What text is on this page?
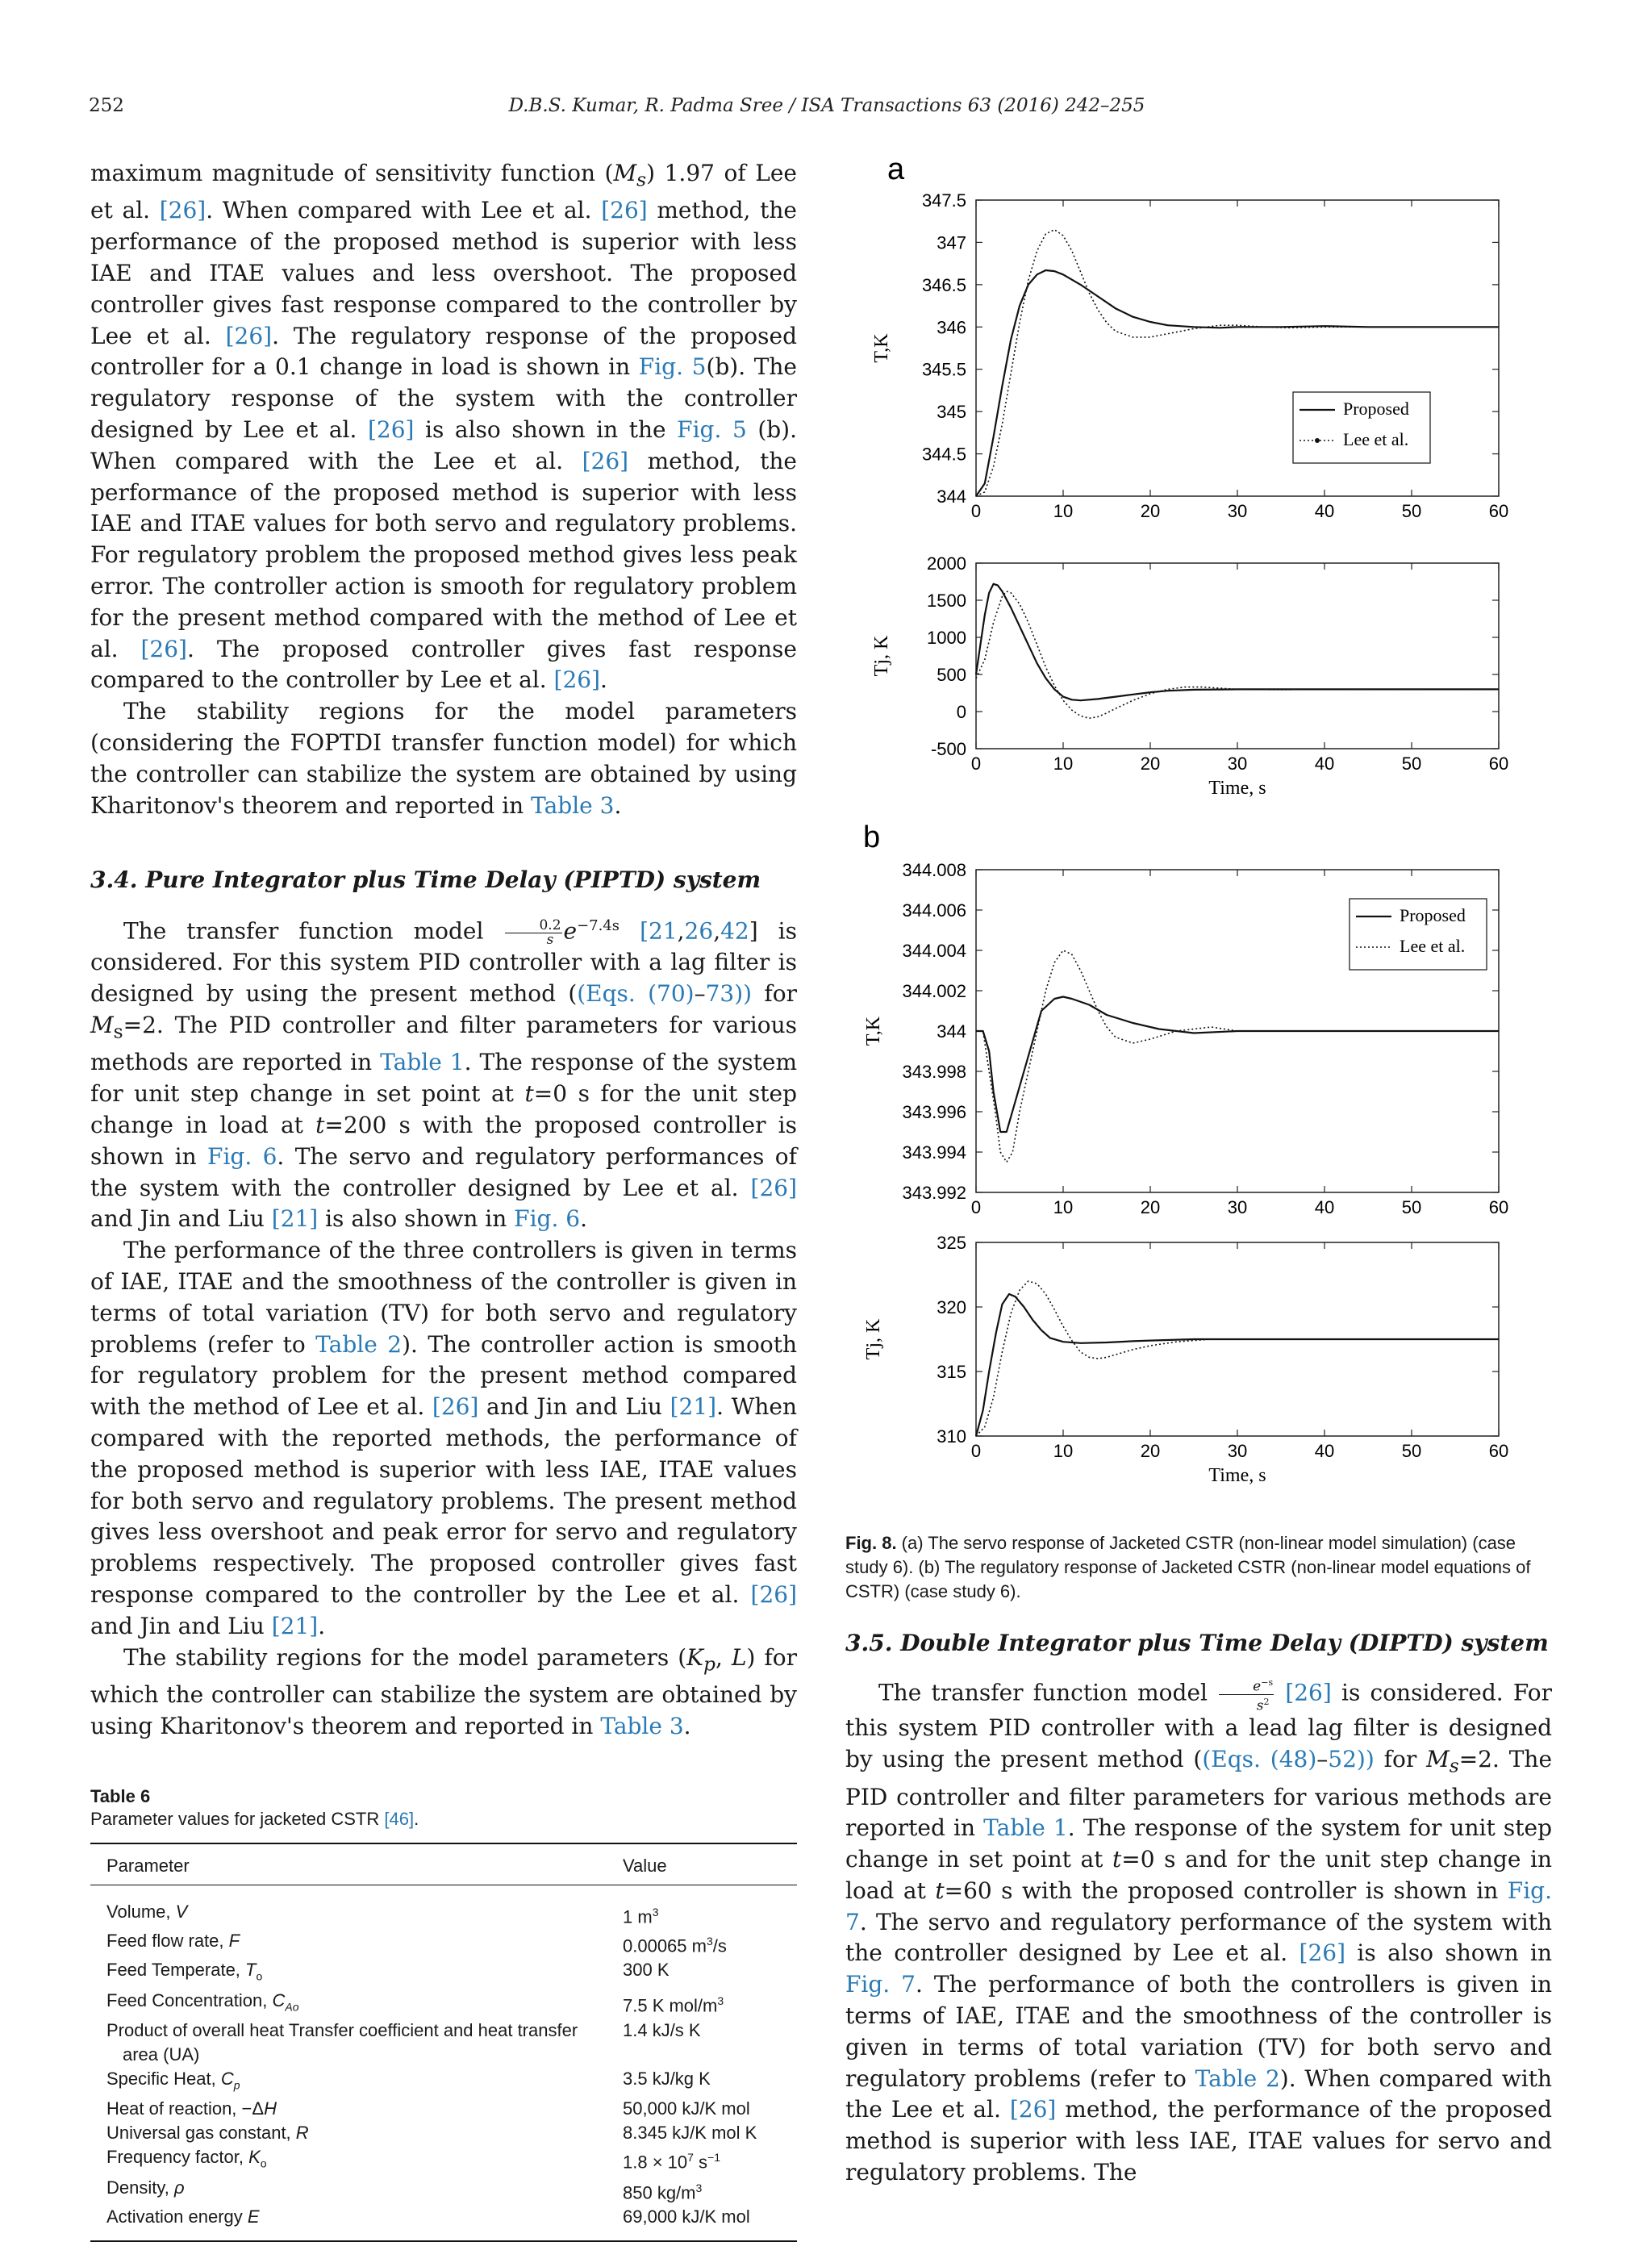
252	D.B.S. Kumar, R. Padma Sree / ISA Transactions 63 (2016) 242–255

maximum magnitude of sensitivity function $(M_s)$ 1.97 of Lee et al. [26]. When compared with Lee et al. [26] method, the performance of the proposed method is superior with less IAE and ITAE values and less overshoot. The proposed controller gives fast response compared to the controller by Lee et al. [26]. The regulatory response of the proposed controller for a 0.1 change in load is shown in Fig. 5(b). The regulatory response of the system with the controller designed by Lee et al. [26] is also shown in the Fig. 5 (b). When compared with the Lee et al. [26] method, the performance of the proposed method is superior with less IAE and ITAE values for both servo and regulatory problems. For regulatory problem the proposed method gives less peak error. The controller action is smooth for regulatory problem for the present method compared with the method of Lee et al. [26]. The proposed controller gives fast response compared to the controller by Lee et al. [26].

The stability regions for the model parameters (considering the FOPTDI transfer function model) for which the controller can stabilize the system are obtained by using Kharitonov's theorem and reported in Table 3.

3.4. Pure Integrator plus Time Delay (PIPTD) system

The transfer function model $\frac{0.2}{s} e^{-7.4s}$ [21,26,42] is considered. For this system PID controller with a lag filter is designed by using the present method ((Eqs. (70)–73)) for $M_s=2$. The PID controller and filter parameters for various methods are reported in Table 1. The response of the system for unit step change in set point at t=0 s for the unit step change in load at t=200 s with the proposed controller is shown in Fig. 6. The servo and regulatory performances of the system with the controller designed by Lee et al. [26] and Jin and Liu [21] is also shown in Fig. 6.

The performance of the three controllers is given in terms of IAE, ITAE and the smoothness of the controller is given in terms of total variation (TV) for both servo and regulatory problems (refer to Table 2). The controller action is smooth for regulatory problem for the present method compared with the method of Lee et al. [26] and Jin and Liu [21]. When compared with the reported methods, the performance of the proposed method is superior with less IAE, ITAE values for both servo and regulatory problems. The present method gives less overshoot and peak error for servo and regulatory problems respectively. The proposed controller gives fast response compared to the controller by the Lee et al. [26] and Jin and Liu [21].

The stability regions for the model parameters ($K_p$, L) for which the controller can stabilize the system are obtained by using Kharitonov's theorem and reported in Table 3.

Table 6

Parameter values for jacketed CSTR [46].

Parameter	Value
Volume, V	1 $m^3$
Feed flow rate, F	0.00065 $m^3/s$
Feed Temperate, $T_o$	300 K
Feed Concentration, $C_{Ao}$	7.5 K mol/$m^3$
Product of overall heat Transfer coefficient and heat transfer
area (UA)	1.4 kJ/s K
Specific Heat, $C_p$	3.5 kJ/kg K
Heat of reaction, −ΔH	50,000 kJ/K mol
Universal gas constant, R	8.345 kJ/K mol K
Frequency factor, $K_o$	$1.8 \times 10^7$ $s^{-1}$
Density, ρ	850 $kg/m^3$
Activation energy E	69,000 kJ/K mol
a
b
0	10	20	30	40	50	60
344
344.5
345
345.5
346
346.5
347
347.5
T,K
Proposed
Lee et al.
0	10	20	30	40	50	60
-500
0
500
1000
1500
2000
Tj, K
Time, s
0	10	20	30	40	50	60
343.992
343.994
343.996
343.998
344
344.002
344.004
344.006
344.008
T,K
Proposed
Lee et al.
0	10	20	30	40	50	60
310
315
320
325
Tj, K
Time, s

Fig. 8. (a) The servo response of Jacketed CSTR (non-linear model simulation) (case study 6). (b) The regulatory response of Jacketed CSTR (non-linear model equations of CSTR) (case study 6).

3.5. Double Integrator plus Time Delay (DIPTD) system

The transfer function model $\frac{e^{-s}}{s^2} [26]$ is considered. For this system PID controller with a lead lag filter is designed by using the present method ((Eqs. (48)–52)) for $M_s=2$. The PID controller and filter parameters for various methods are reported in Table 1. The response of the system for unit step change in set point at t=0 s and for the unit step change in load at t=60 s with the proposed controller is shown in Fig. 7. The servo and regulatory performance of the system with the controller designed by Lee et al. [26] is also shown in Fig. 7. The performance of both the controllers is given in terms of IAE, ITAE and the smoothness of the controller is given in terms of total variation (TV) for both servo and regulatory problems (refer to Table 2). When compared with the Lee et al. [26] method, the performance of the proposed method is superior with less IAE, ITAE values for servo and regulatory problems. The
